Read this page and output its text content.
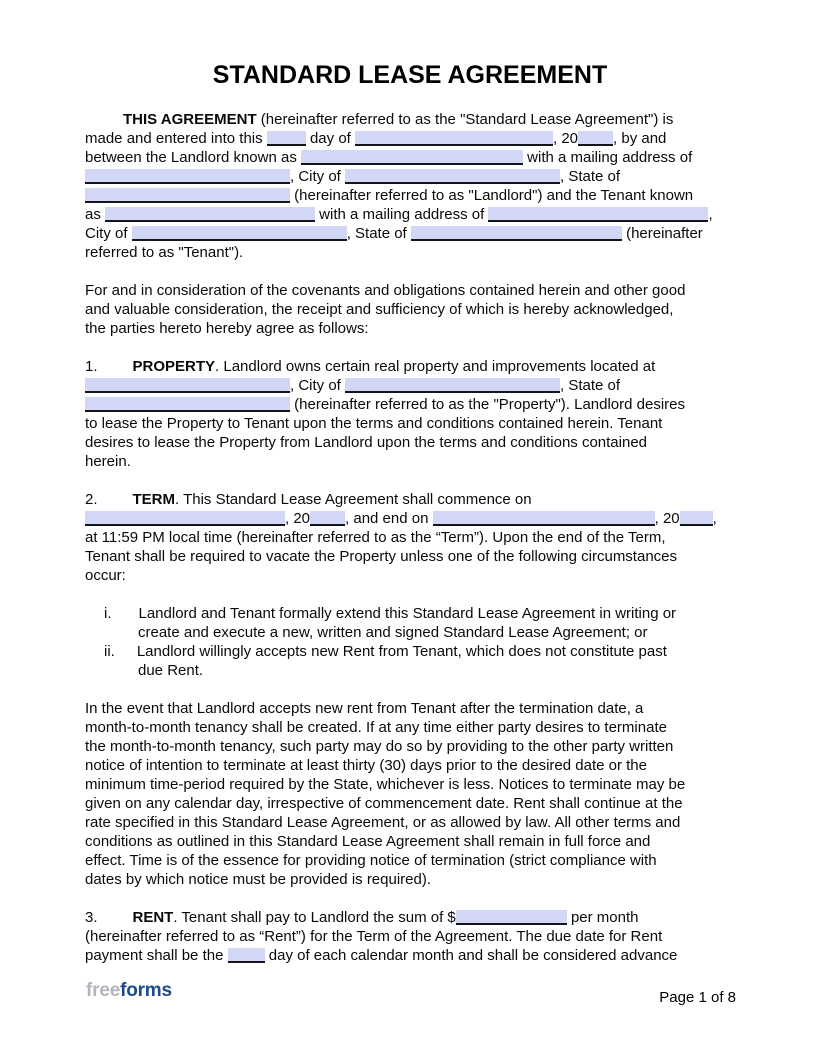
STANDARD LEASE AGREEMENT
THIS AGREEMENT (hereinafter referred to as the "Standard Lease Agreement") is
made and entered into this	day of	, 20 , by and
between the Landlord known as	with a mailing address of
, City of	, State of
(hereinafter referred to as "Landlord") and the Tenant known
as	with a mailing address of	,
City of	, State of	(hereinafter
referred to as "Tenant").
For and in consideration of the covenants and obligations contained herein and other good
and valuable consideration, the receipt and sufficiency of which is hereby acknowledged,
the parties hereto hereby agree as follows:
1. PROPERTY. Landlord owns certain real property and improvements located at
, City of	, State of
(hereinafter referred to as the "Property"). Landlord desires
to lease the Property to Tenant upon the terms and conditions contained herein. Tenant
desires to lease the Property from Landlord upon the terms and conditions contained
herein.
2. TERM. This Standard Lease Agreement shall commence on
, 20 , and end on	, 20 ,
at 11:59 PM local time (hereinafter referred to as the “Term”). Upon the end of the Term,
Tenant shall be required to vacate the Property unless one of the following circumstances
occur:
i. Landlord and Tenant formally extend this Standard Lease Agreement in writing or
create and execute a new, written and signed Standard Lease Agreement; or
ii. Landlord willingly accepts new Rent from Tenant, which does not constitute past
due Rent.
In the event that Landlord accepts new rent from Tenant after the termination date, a
month-to-month tenancy shall be created. If at any time either party desires to terminate
the month-to-month tenancy, such party may do so by providing to the other party written
notice of intention to terminate at least thirty (30) days prior to the desired date or the
minimum time-period required by the State, whichever is less. Notices to terminate may be
given on any calendar day, irrespective of commencement date. Rent shall continue at the
rate specified in this Standard Lease Agreement, or as allowed by law. All other terms and
conditions as outlined in this Standard Lease Agreement shall remain in full force and
effect. Time is of the essence for providing notice of termination (strict compliance with
dates by which notice must be provided is required).
3. RENT. Tenant shall pay to Landlord the sum of $	per month
(hereinafter referred to as “Rent”) for the Term of the Agreement. The due date for Rent
payment shall be the  day of each calendar month and shall be considered advance
freeforms	Page 1 of 8
